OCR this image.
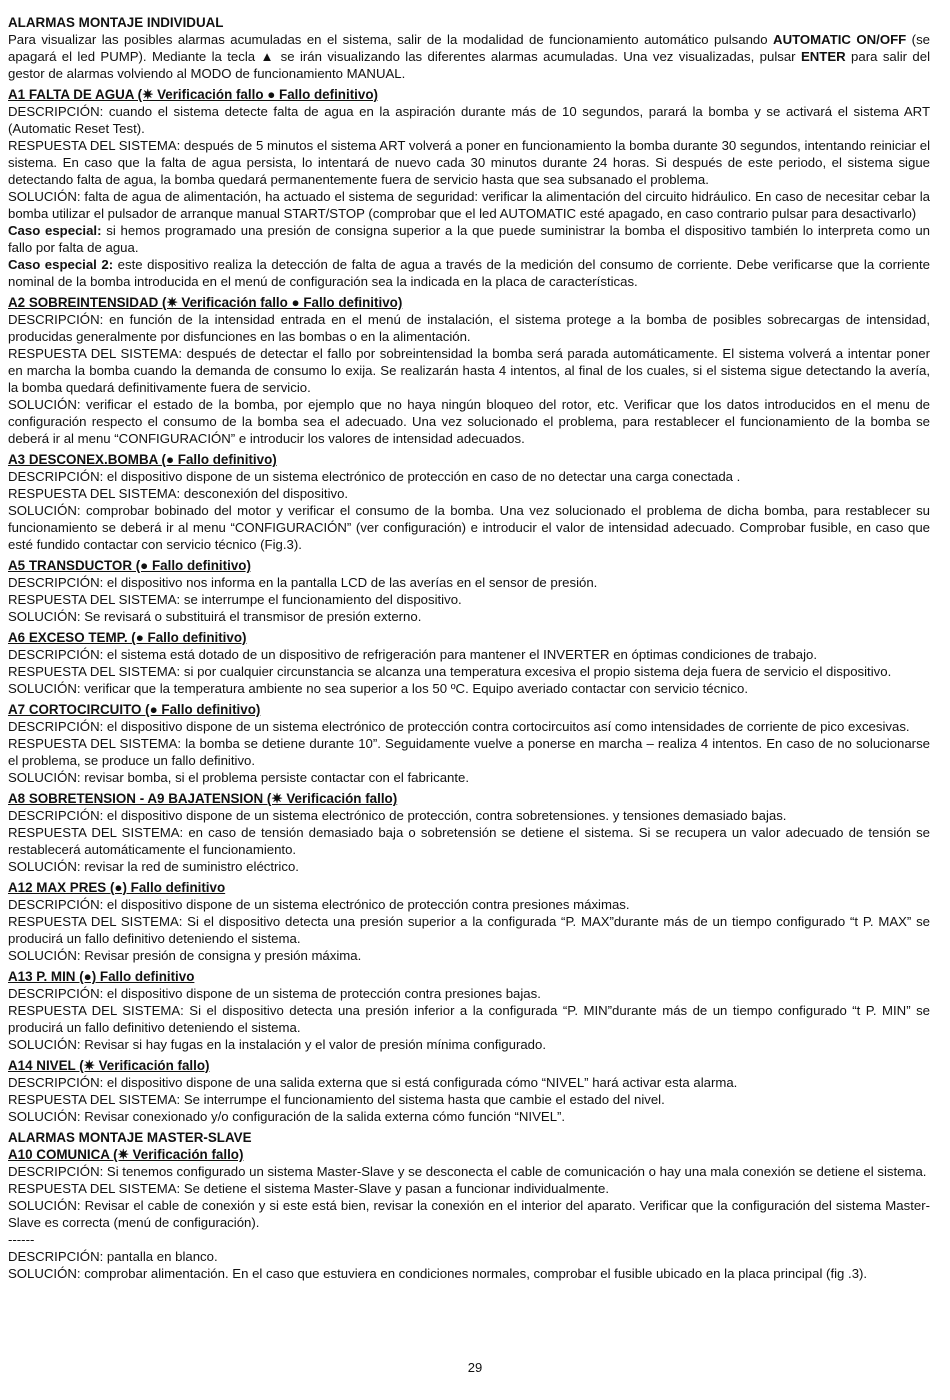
ALARMAS MONTAJE INDIVIDUAL

Para visualizar las posibles alarmas acumuladas en el sistema, salir de la modalidad de funcionamiento automático pulsando AUTOMATIC ON/OFF (se apagará el led PUMP). Mediante la tecla ▲ se irán visualizando las diferentes alarmas acumuladas. Una vez visualizadas, pulsar ENTER para salir del gestor de alarmas volviendo al MODO de funcionamiento MANUAL.

A1 FALTA DE AGUA (✷ Verificación fallo ● Fallo definitivo)

DESCRIPCIÓN: cuando el sistema detecte falta de agua en la aspiración durante más de 10 segundos, parará la bomba y se activará el sistema ART (Automatic Reset Test).

RESPUESTA DEL SISTEMA: después de 5 minutos el sistema ART volverá a poner en funcionamiento la bomba durante 30 segundos, intentando reiniciar el sistema. En caso que la falta de agua persista, lo intentará de nuevo cada 30 minutos durante 24 horas. Si después de este periodo, el sistema sigue detectando falta de agua, la bomba quedará permanentemente fuera de servicio hasta que sea subsanado el problema.

SOLUCIÓN: falta de agua de alimentación, ha actuado el sistema de seguridad: verificar la alimentación del circuito hidráulico. En caso de necesitar cebar la bomba utilizar el pulsador de arranque manual START/STOP (comprobar que el led AUTOMATIC esté apagado, en caso contrario pulsar para desactivarlo)

Caso especial: si hemos programado una presión de consigna superior a la que puede suministrar la bomba el dispositivo también lo interpreta como un fallo por falta de agua.

Caso especial 2: este dispositivo realiza la detección de falta de agua a través de la medición del consumo de corriente. Debe verificarse que la corriente nominal de la bomba introducida en el menú de configuración sea la indicada en la placa de características.

A2 SOBREINTENSIDAD (✷ Verificación fallo ● Fallo definitivo)

DESCRIPCIÓN: en función de la intensidad entrada en el menú de instalación, el sistema protege a la bomba de posibles sobrecargas de intensidad, producidas generalmente por disfunciones en las bombas o en la alimentación.

RESPUESTA DEL SISTEMA: después de detectar el fallo por sobreintensidad la bomba será parada automáticamente. El sistema volverá a intentar poner en marcha la bomba cuando la demanda de consumo lo exija. Se realizarán hasta 4 intentos, al final de los cuales, si el sistema sigue detectando la avería, la bomba quedará definitivamente fuera de servicio.

SOLUCIÓN: verificar el estado de la bomba, por ejemplo que no haya ningún bloqueo del rotor, etc. Verificar que los datos introducidos en el menu de configuración respecto el consumo de la bomba sea el adecuado. Una vez solucionado el problema, para restablecer el funcionamiento de la bomba se deberá ir al menu “CONFIGURACIÓN” e introducir los valores de intensidad adecuados.

A3 DESCONEX.BOMBA (● Fallo definitivo)

DESCRIPCIÓN: el dispositivo dispone de un sistema electrónico de protección en caso de no detectar una carga conectada .

RESPUESTA DEL SISTEMA: desconexión del dispositivo.

SOLUCIÓN: comprobar bobinado del motor y verificar el consumo de la bomba. Una vez solucionado el problema de dicha bomba, para restablecer su funcionamiento se deberá ir al menu “CONFIGURACIÓN” (ver configuración) e introducir el valor de intensidad adecuado. Comprobar fusible, en caso que esté fundido contactar con servicio técnico (Fig.3).

A5 TRANSDUCTOR (● Fallo definitivo)

DESCRIPCIÓN: el dispositivo nos informa en la pantalla LCD de las averías en el sensor de presión.

RESPUESTA DEL SISTEMA: se interrumpe el funcionamiento del dispositivo.

SOLUCIÓN: Se revisará o substituirá el transmisor de presión externo.

A6 EXCESO TEMP. (● Fallo definitivo)

DESCRIPCIÓN: el sistema está dotado de un dispositivo de refrigeración para mantener el INVERTER en óptimas condiciones de trabajo.

RESPUESTA DEL SISTEMA: si por cualquier circunstancia se alcanza una temperatura excesiva el propio sistema deja fuera de servicio el dispositivo.

SOLUCIÓN: verificar que la temperatura ambiente no sea superior a los 50 ºC. Equipo averiado contactar con servicio técnico.

A7 CORTOCIRCUITO (● Fallo definitivo)

DESCRIPCIÓN: el dispositivo dispone de un sistema electrónico de protección contra cortocircuitos así como intensidades de corriente de pico excesivas.

RESPUESTA DEL SISTEMA: la bomba se detiene durante 10”. Seguidamente vuelve a ponerse en marcha – realiza 4 intentos. En caso de no solucionarse el problema, se produce un fallo definitivo.

SOLUCIÓN: revisar bomba, si el problema persiste contactar con el fabricante.

A8 SOBRETENSION - A9 BAJATENSION (✷ Verificación fallo)

DESCRIPCIÓN: el dispositivo dispone de un sistema electrónico de protección, contra sobretensiones. y tensiones demasiado bajas.

RESPUESTA DEL SISTEMA: en caso de tensión demasiado baja o sobretensión se detiene el sistema. Si se recupera un valor adecuado de tensión se restablecerá automáticamente el funcionamiento.

SOLUCIÓN: revisar la red de suministro eléctrico.

A12 MAX PRES (●) Fallo definitivo

DESCRIPCIÓN: el dispositivo dispone de un sistema electrónico de protección contra presiones máximas.

RESPUESTA DEL SISTEMA: Si el dispositivo detecta una presión superior a la configurada “P. MAX”durante más de un tiempo configurado “t P. MAX” se producirá un fallo definitivo deteniendo el sistema.

SOLUCIÓN: Revisar presión de consigna y presión máxima.

A13 P. MIN (●) Fallo definitivo

DESCRIPCIÓN: el dispositivo dispone de un sistema de protección contra presiones bajas.

RESPUESTA DEL SISTEMA: Si el dispositivo detecta una presión inferior a la configurada “P. MIN”durante más de un tiempo configurado “t P. MIN” se producirá un fallo definitivo deteniendo el sistema.

SOLUCIÓN: Revisar si hay fugas en la instalación y el valor de presión mínima configurado.

A14 NIVEL (✷ Verificación fallo)

DESCRIPCIÓN: el dispositivo dispone de una salida externa que si está configurada cómo “NIVEL” hará activar esta alarma.

RESPUESTA DEL SISTEMA: Se interrumpe el funcionamiento del sistema hasta que cambie el estado del nivel.

SOLUCIÓN: Revisar conexionado y/o configuración de la salida externa cómo función “NIVEL”.

ALARMAS MONTAJE MASTER-SLAVE
A10 COMUNICA (✷ Verificación fallo)

DESCRIPCIÓN: Si tenemos configurado un sistema Master-Slave y se desconecta el cable de comunicación o hay una mala conexión se detiene el sistema.

RESPUESTA DEL SISTEMA: Se detiene el sistema Master-Slave y pasan a funcionar individualmente.

SOLUCIÓN: Revisar el cable de conexión y si este está bien, revisar la conexión en el interior del aparato. Verificar que la configuración del sistema Master-Slave es correcta (menú de configuración).

------

DESCRIPCIÓN: pantalla en blanco.

SOLUCIÓN: comprobar alimentación. En el caso que estuviera en condiciones normales, comprobar el fusible ubicado en la placa principal (fig .3).

29
